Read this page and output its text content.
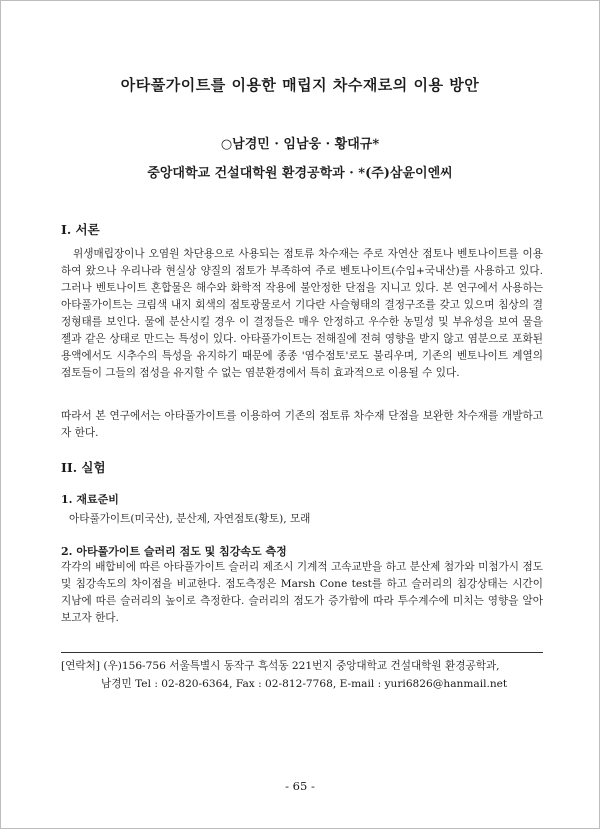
아타풀가이트를 이용한 매립지 차수재로의 이용 방안
○남경민 · 임남웅 · 황대규*
중앙대학교 건설대학원 환경공학과 · *(주)삼윤이엔씨
I. 서론

위생매립장이나 오염원 차단용으로 사용되는 점토류 차수재는 주로 자연산 점토나 벤토나이트를 이용하여 왔으나 우리나라 현실상 양질의 점토가 부족하여 주로 벤토나이트(수입+국내산)를 사용하고 있다. 그러나 벤토나이트 혼합물은 해수와 화학적 작용에 불안정한 단점을 지니고 있다. 본 연구에서 사용하는 아타풀가이트는 크림색 내지 회색의 점토광물로서 기다란 사슬형태의 결정구조를 갖고 있으며 침상의 결정형태를 보인다. 물에 분산시킬 경우 이 결정들은 매우 안정하고 우수한 농밀성 및 부유성을 보여 물을 젤과 같은 상태로 만드는 특성이 있다. 아타풀가이트는 전해질에 전혀 영향을 받지 않고 염분으로 포화된 용액에서도 시추수의 특성을 유지하기 때문에 종종 '염수점토'로도 불리우며, 기존의 벤토나이트 계열의 점토들이 그들의 점성을 유지할 수 없는 염분환경에서 특히 효과적으로 이용될 수 있다.

따라서 본 연구에서는 아타풀가이트를 이용하여 기존의 점토류 차수재 단점을 보완한 차수재를 개발하고자 한다.

II. 실험
1. 재료준비
아타풀가이트(미국산), 분산제, 자연점토(황토), 모래
2. 아타풀가이트 슬러리 점도 및 침강속도 측정

각각의 배합비에 따른 아타풀가이트 슬러리 제조시 기계적 고속교반을 하고 분산제 첨가와 미첨가시 점도 및 침강속도의 차이점을 비교한다. 점도측정은 Marsh Cone test를 하고 슬러리의 침강상태는 시간이 지남에 따른 슬러리의 높이로 측정한다. 슬러리의 점도가 증가함에 따라 투수계수에 미치는 영향을 알아보고자 한다.

[연락처] (우)156-756 서울특별시 동작구 흑석동 221번지 중앙대학교 건설대학원 환경공학과,
남경민 Tel : 02-820-6364, Fax : 02-812-7768, E-mail : yuri6826@hanmail.net
- 65 -
